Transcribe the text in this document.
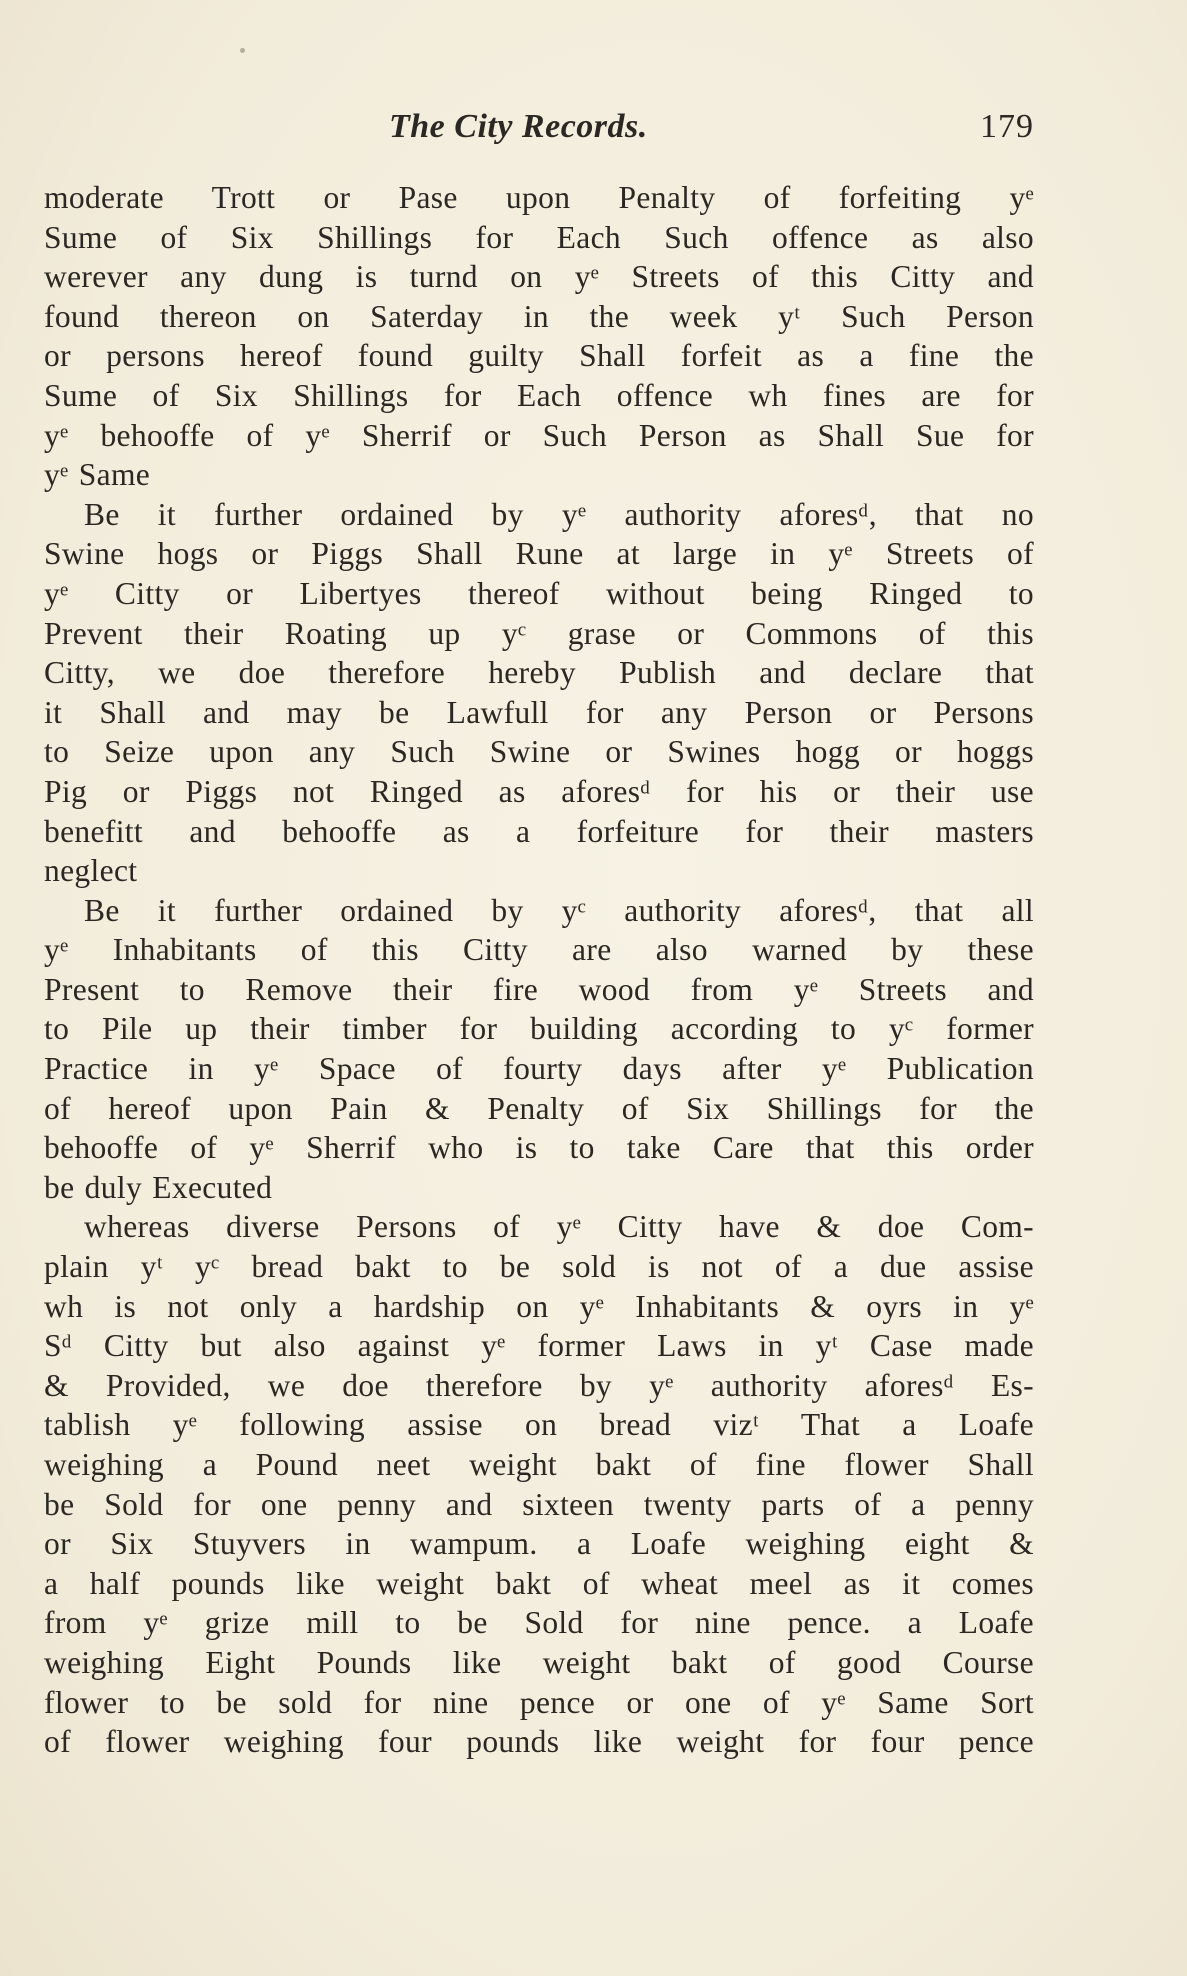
The City Records.	179
moderate Trott or Pase upon Penalty of forfeiting yᵉ
Sume of Six Shillings for Each Such offence as also
werever any dung is turnd on yᵉ Streets of this Citty and
found thereon on Saterday in the week yᵗ Such Person
or persons hereof found guilty Shall forfeit as a fine the
Sume of Six Shillings for Each offence wh fines are for
yᵉ behooffe of yᵉ Sherrif or Such Person as Shall Sue for
yᵉ Same
Be it further ordained by yᵉ authority aforesᵈ, that no
Swine hogs or Piggs Shall Rune at large in yᵉ Streets of
yᵉ Citty or Libertyes thereof without being Ringed to
Prevent their Roating up yᶜ grase or Commons of this
Citty, we doe therefore hereby Publish and declare that
it Shall and may be Lawfull for any Person or Persons
to Seize upon any Such Swine or Swines hogg or hoggs
Pig or Piggs not Ringed as aforesᵈ for his or their use
benefitt and behooffe as a forfeiture for their masters
neglect
Be it further ordained by yᶜ authority aforesᵈ, that all
yᵉ Inhabitants of this Citty are also warned by these
Present to Remove their fire wood from yᵉ Streets and
to Pile up their timber for building according to yᶜ former
Practice in yᵉ Space of fourty days after yᵉ Publication
of hereof upon Pain & Penalty of Six Shillings for the
behooffe of yᵉ Sherrif who is to take Care that this order
be duly Executed
whereas diverse Persons of yᵉ Citty have & doe Com-
plain yᵗ yᶜ bread bakt to be sold is not of a due assise
wh is not only a hardship on yᵉ Inhabitants & oyrs in yᵉ
Sᵈ Citty but also against yᵉ former Laws in yᵗ Case made
& Provided, we doe therefore by yᵉ authority aforesᵈ Es-
tablish yᵉ following assise on bread vizᵗ That a Loafe
weighing a Pound neet weight bakt of fine flower Shall
be Sold for one penny and sixteen twenty parts of a penny
or Six Stuyvers in wampum. a Loafe weighing eight &
a half pounds like weight bakt of wheat meel as it comes
from yᵉ grize mill to be Sold for nine pence. a Loafe
weighing Eight Pounds like weight bakt of good Course
flower to be sold for nine pence or one of yᵉ Same Sort
of flower weighing four pounds like weight for four pence
